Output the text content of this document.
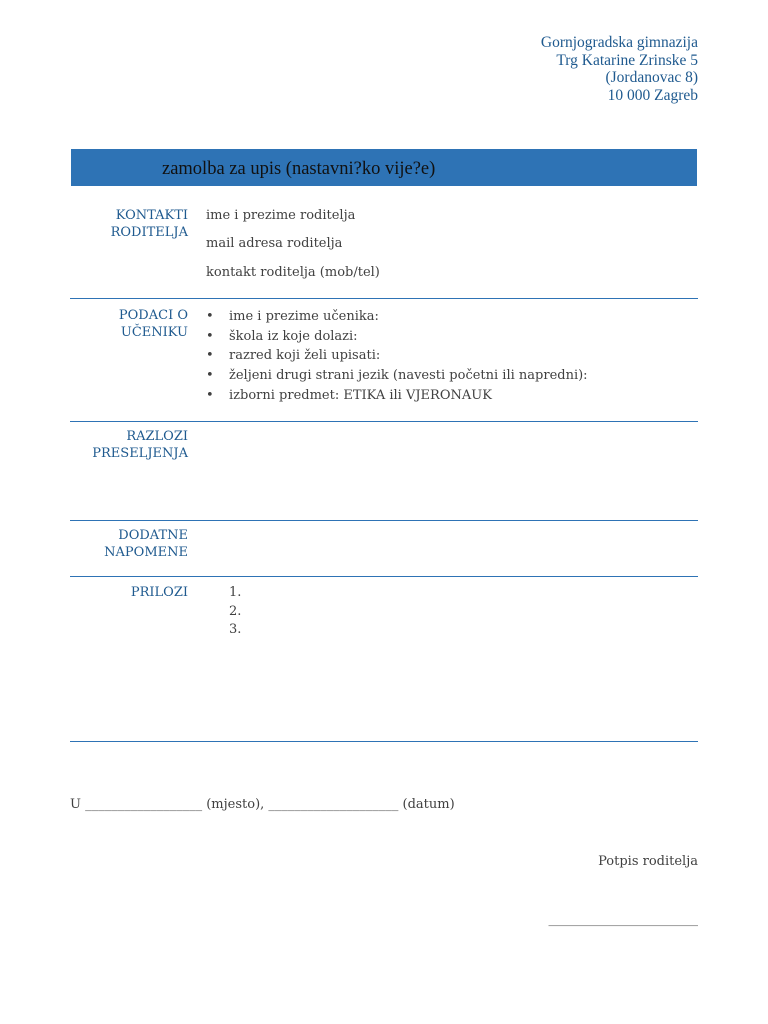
Gornjogradska gimnazija
Trg Katarine Zrinske 5
(Jordanovac 8)
10 000 Zagreb
zamolba za upis (nastavni?ko vije?e)
KONTAKTI
RODITELJA
ime i prezime roditelja
mail adresa roditelja
kontakt roditelja (mob/tel)
PODACI O
UČENIKU
• ime i prezime učenika:
• škola iz koje dolazi:
• razred koji želi upisati:
• željeni drugi strani jezik (navesti početni ili napredni):
• izborni predmet: ETIKA ili VJERONAUK
RAZLOZI
PRESELJENJA
DODATNE
NAPOMENE
PRILOZI	1.
2.
3.
U __________________ (mjesto), ____________________ (datum)
Potpis roditelja
_______________________
